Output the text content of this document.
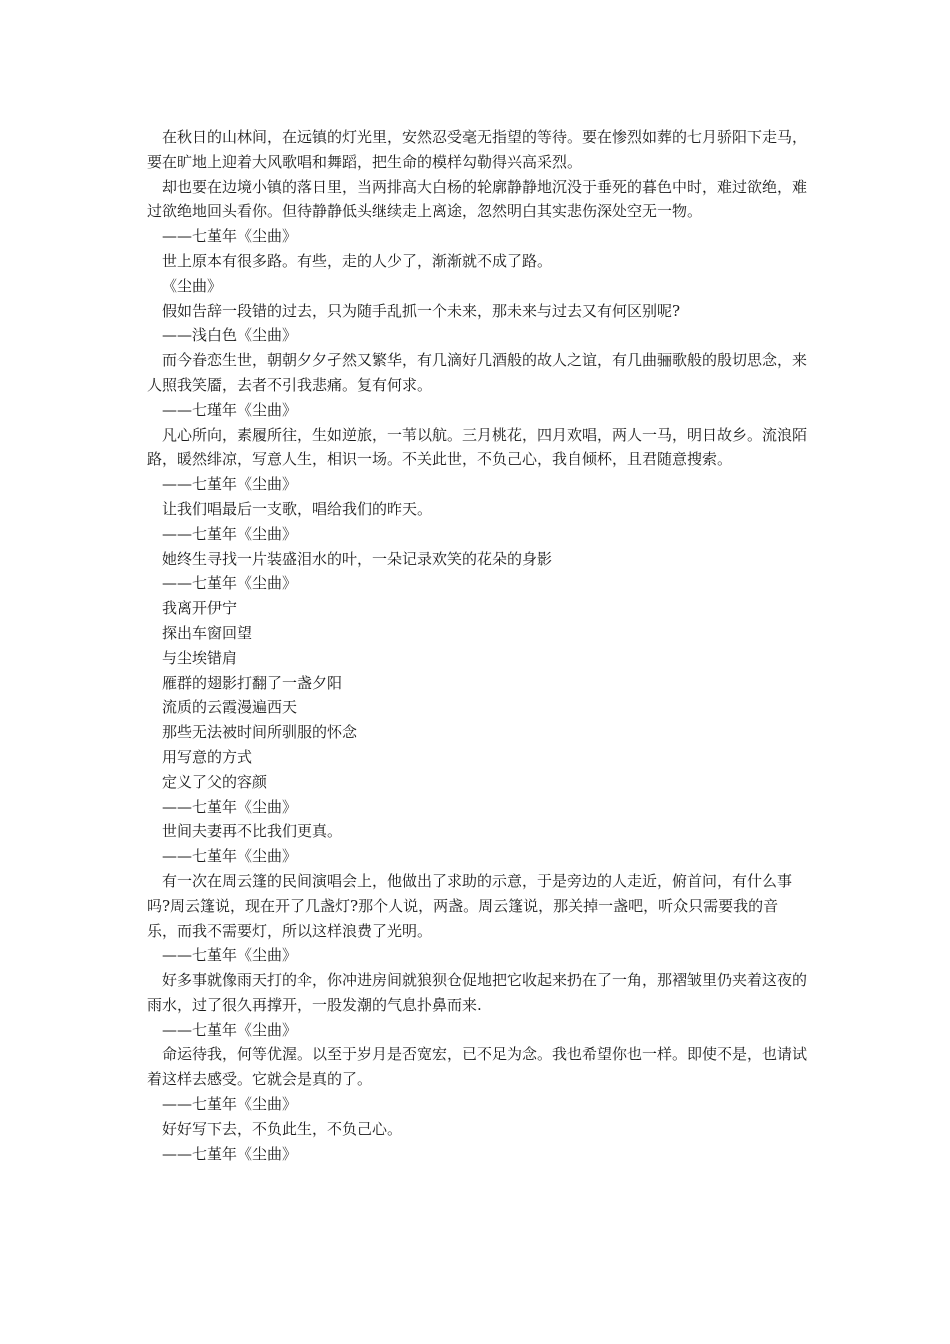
在秋日的山林间，在远镇的灯光里，安然忍受毫无指望的等待。要在惨烈如葬的七月骄阳下走马，要在旷地上迎着大风歌唱和舞蹈，把生命的模样勾勒得兴高采烈。

却也要在边境小镇的落日里，当两排高大白杨的轮廓静静地沉没于垂死的暮色中时，难过欲绝，难过欲绝地回头看你。但待静静低头继续走上离途，忽然明白其实悲伤深处空无一物。

——七堇年《尘曲》

世上原本有很多路。有些，走的人少了，渐渐就不成了路。

《尘曲》

假如告辞一段错的过去，只为随手乱抓一个未来，那未来与过去又有何区别呢?

——浅白色《尘曲》

而今眷恋生世，朝朝夕夕孑然又繁华，有几滴好几酒般的故人之谊，有几曲骊歌般的殷切思念，来人照我笑靥，去者不引我悲痛。复有何求。

——七瑾年《尘曲》

凡心所向，素履所往，生如逆旅，一苇以航。三月桃花，四月欢唱，两人一马，明日故乡。流浪陌路，暖然绯凉，写意人生，相识一场。不关此世，不负己心，我自倾杯，且君随意搜索。

——七堇年《尘曲》

让我们唱最后一支歌，唱给我们的昨天。

——七堇年《尘曲》

她终生寻找一片装盛泪水的叶，一朵记录欢笑的花朵的身影

——七堇年《尘曲》

我离开伊宁

探出车窗回望

与尘埃错肩

雁群的翅影打翻了一盏夕阳

流质的云霞漫遍西天

那些无法被时间所驯服的怀念

用写意的方式

定义了父的容颜

——七堇年《尘曲》

世间夫妻再不比我们更真。

——七堇年《尘曲》

有一次在周云篷的民间演唱会上，他做出了求助的示意，于是旁边的人走近，俯首问，有什么事吗?周云篷说，现在开了几盏灯?那个人说，两盏。周云篷说，那关掉一盏吧，听众只需要我的音乐，而我不需要灯，所以这样浪费了光明。

——七堇年《尘曲》

好多事就像雨天打的伞，你冲进房间就狼狈仓促地把它收起来扔在了一角，那褶皱里仍夹着这夜的雨水，过了很久再撑开，一股发潮的气息扑鼻而来.

——七堇年《尘曲》

命运待我，何等优渥。以至于岁月是否宽宏，已不足为念。我也希望你也一样。即使不是，也请试着这样去感受。它就会是真的了。

——七堇年《尘曲》

好好写下去，不负此生，不负己心。

——七堇年《尘曲》
